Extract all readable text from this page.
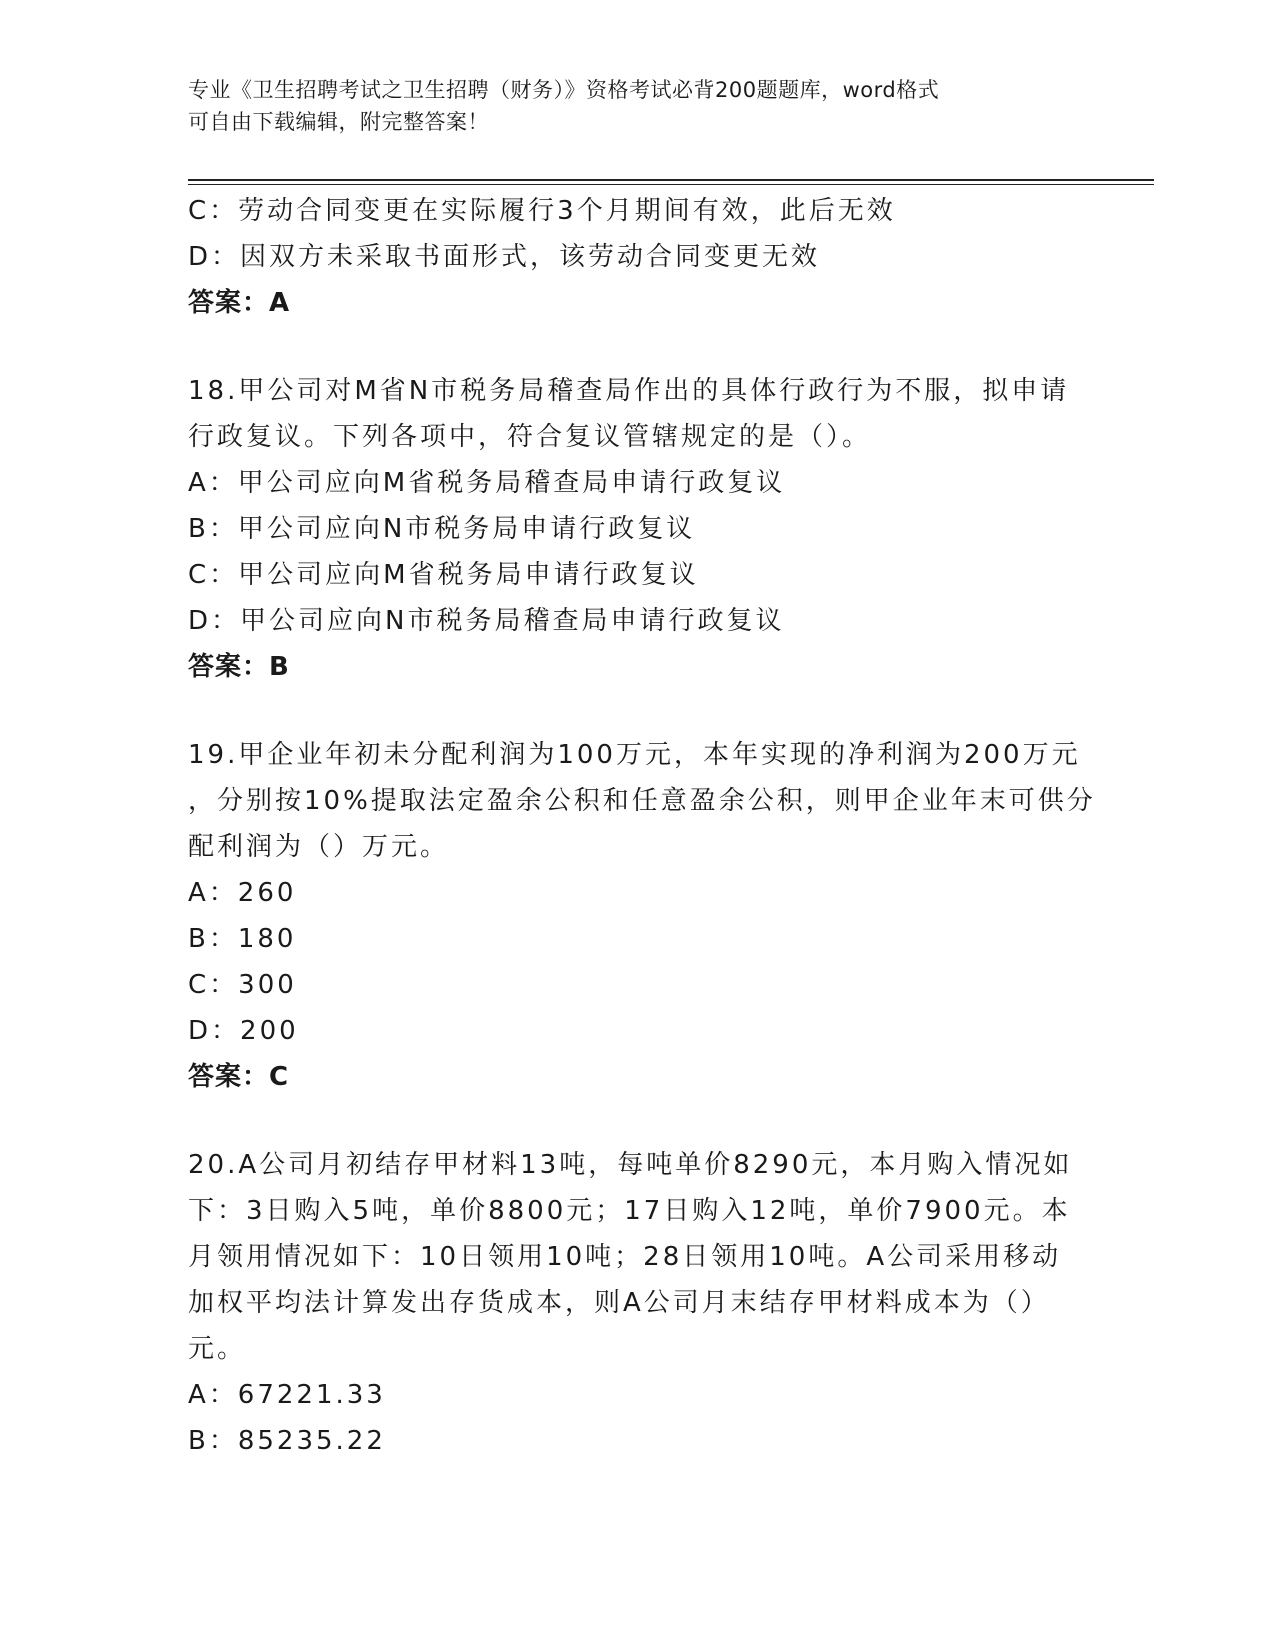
专业《卫生招聘考试之卫生招聘（财务）》资格考试必背200题题库，word格式
可自由下载编辑，附完整答案！
C：劳动合同变更在实际履行3个月期间有效，此后无效
D：因双方未采取书面形式，该劳动合同变更无效
答案：A
18.甲公司对M省N市税务局稽查局作出的具体行政行为不服，拟申请
行政复议。下列各项中，符合复议管辖规定的是（）。
A：甲公司应向M省税务局稽查局申请行政复议
B：甲公司应向N市税务局申请行政复议
C：甲公司应向M省税务局申请行政复议
D：甲公司应向N市税务局稽查局申请行政复议
答案：B
19.甲企业年初未分配利润为100万元，本年实现的净利润为200万元
，分别按10%提取法定盈余公积和任意盈余公积，则甲企业年末可供分
配利润为（）万元。
A：260
B：180
C：300
D：200
答案：C
20.A公司月初结存甲材料13吨，每吨单价8290元，本月购入情况如
下：3日购入5吨，单价8800元；17日购入12吨，单价7900元。本
月领用情况如下：10日领用10吨；28日领用10吨。A公司采用移动
加权平均法计算发出存货成本，则A公司月末结存甲材料成本为（）
元。
A：67221.33
B：85235.22
